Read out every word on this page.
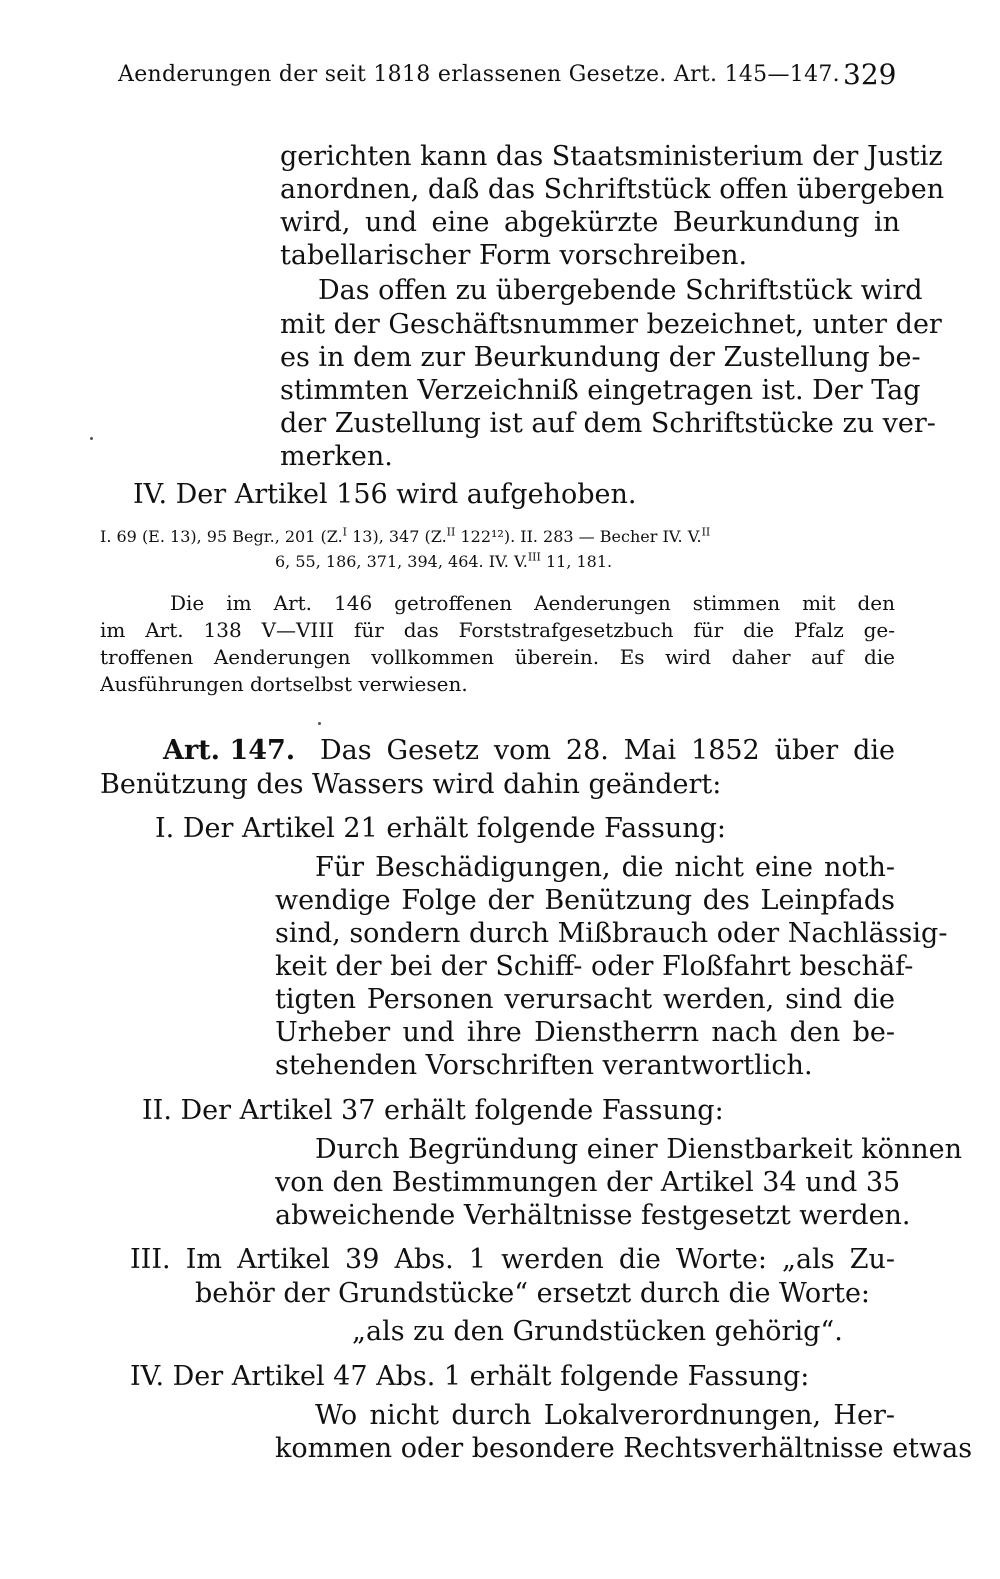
Aenderungen der seit 1818 erlassenen Gesetze. Art. 145—147. 329
gerichten kann das Staatsministerium der Justiz
anordnen, daß das Schriftstück offen übergeben
wird, und eine abgekürzte Beurkundung in
tabellarischer Form vorschreiben.
Das offen zu übergebende Schriftstück wird
mit der Geschäftsnummer bezeichnet, unter der
es in dem zur Beurkundung der Zustellung be-
stimmten Verzeichniß eingetragen ist. Der Tag
der Zustellung ist auf dem Schriftstücke zu ver-
merken.
IV. Der Artikel 156 wird aufgehoben.
I. 69 (E. 13), 95 Begr., 201 (Z.$^I$ 13), 347 (Z.$^{II}$ 122¹²). II. 283 — Becher IV. V.$^{II}$
6, 55, 186, 371, 394, 464. IV. V.$^{III}$ 11, 181.
Die im Art. 146 getroffenen Aenderungen stimmen mit den
im Art. 138 V—VIII für das Forststrafgesetzbuch für die Pfalz ge-
troffenen Aenderungen vollkommen überein. Es wird daher auf die
Ausführungen dortselbst verwiesen.
Art. 147. Das Gesetz vom 28. Mai 1852 über die
Benützung des Wassers wird dahin geändert:
I. Der Artikel 21 erhält folgende Fassung:
Für Beschädigungen, die nicht eine noth-
wendige Folge der Benützung des Leinpfads
sind, sondern durch Mißbrauch oder Nachlässig-
keit der bei der Schiff- oder Floßfahrt beschäf-
tigten Personen verursacht werden, sind die
Urheber und ihre Dienstherrn nach den be-
stehenden Vorschriften verantwortlich.
II. Der Artikel 37 erhält folgende Fassung:
Durch Begründung einer Dienstbarkeit können
von den Bestimmungen der Artikel 34 und 35
abweichende Verhältnisse festgesetzt werden.
III. Im Artikel 39 Abs. 1 werden die Worte: „als Zu-
behör der Grundstücke“ ersetzt durch die Worte:
„als zu den Grundstücken gehörig“.
IV. Der Artikel 47 Abs. 1 erhält folgende Fassung:
Wo nicht durch Lokalverordnungen, Her-
kommen oder besondere Rechtsverhältnisse etwas
